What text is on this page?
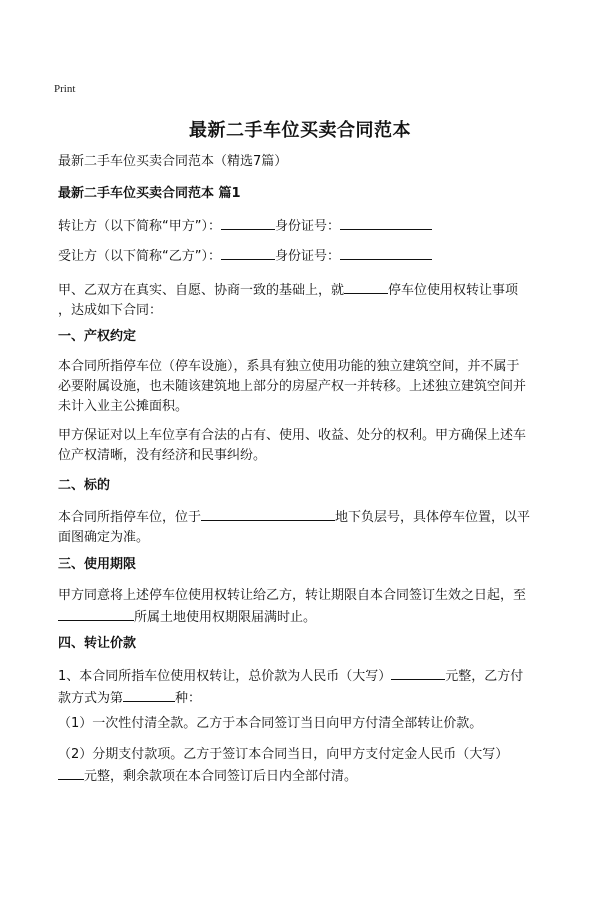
Print
最新二手车位买卖合同范本
最新二手车位买卖合同范本（精选7篇）
最新二手车位买卖合同范本 篇1
转让方（以下简称“甲方”）：	身份证号：
受让方（以下简称“乙方”）：	身份证号：
甲、乙双方在真实、自愿、协商一致的基础上，就	停车位使用权转让事项
，达成如下合同：
一、产权约定
本合同所指停车位（停车设施），系具有独立使用功能的独立建筑空间，并不属于
必要附属设施，也未随该建筑地上部分的房屋产权一并转移。上述独立建筑空间并
未计入业主公摊面积。
甲方保证对以上车位享有合法的占有、使用、收益、处分的权利。甲方确保上述车
位产权清晰，没有经济和民事纠纷。
二、标的
本合同所指停车位，位于	地下负层号，具体停车位置，以平
面图确定为准。
三、使用期限
甲方同意将上述停车位使用权转让给乙方，转让期限自本合同签订生效之日起，至
所属土地使用权期限届满时止。
四、转让价款
1、本合同所指车位使用权转让，总价款为人民币（大写）	元整，乙方付
款方式为第	种：
（1）一次性付清全款。乙方于本合同签订当日向甲方付清全部转让价款。
（2）分期支付款项。乙方于签订本合同当日，向甲方支付定金人民币（大写）
元整，剩余款项在本合同签订后日内全部付清。
